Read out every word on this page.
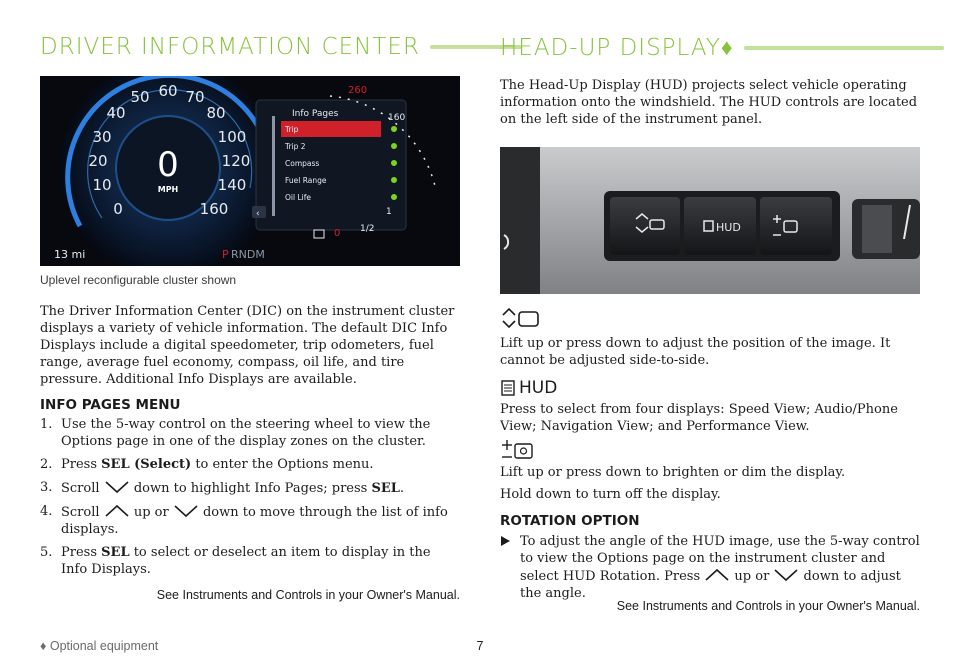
DRIVER INFORMATION CENTER
0
10
20
30
40
50 60 70
80
100
120
140
160
0
MPH
13 mi
Info Pages
Trip
Trip 2
Compass
Fuel Range
Oil Life
‹
260
160
0 1/2
1
P RNDM

Uplevel reconfigurable cluster shown

The Driver Information Center (DIC) on the instrument cluster displays a variety of vehicle information. The default DIC Info Displays include a digital speedometer, trip odometers, fuel range, average fuel economy, compass, oil life, and tire pressure. Additional Info Displays are available.

INFO PAGES MENU

1. Use the 5-way control on the steering wheel to view the Options page in one of the display zones on the cluster.
2. Press SEL (Select) to enter the Options menu.
3. Scroll  down to highlight Info Pages; press SEL.
4. Scroll  up or  down to move through the list of info displays.
5. Press SEL to select or deselect an item to display in the Info Displays.

See Instruments and Controls in your Owner's Manual.

HEAD-UP DISPLAY♦

The Head-Up Display (HUD) projects select vehicle operating information onto the windshield. The HUD controls are located on the left side of the instrument panel.

HUD

Lift up or press down to adjust the position of the image. It cannot be adjusted side-to-side.

HUD

Press to select from four displays: Speed View; Audio/Phone View; Navigation View; and Performance View.

Lift up or press down to brighten or dim the display.

Hold down to turn off the display.

ROTATION OPTION

To adjust the angle of the HUD image, use the 5-way control to view the Options page on the instrument cluster and select HUD Rotation. Press  up or  down to adjust the angle.

See Instruments and Controls in your Owner's Manual.

♦ Optional equipment	7
